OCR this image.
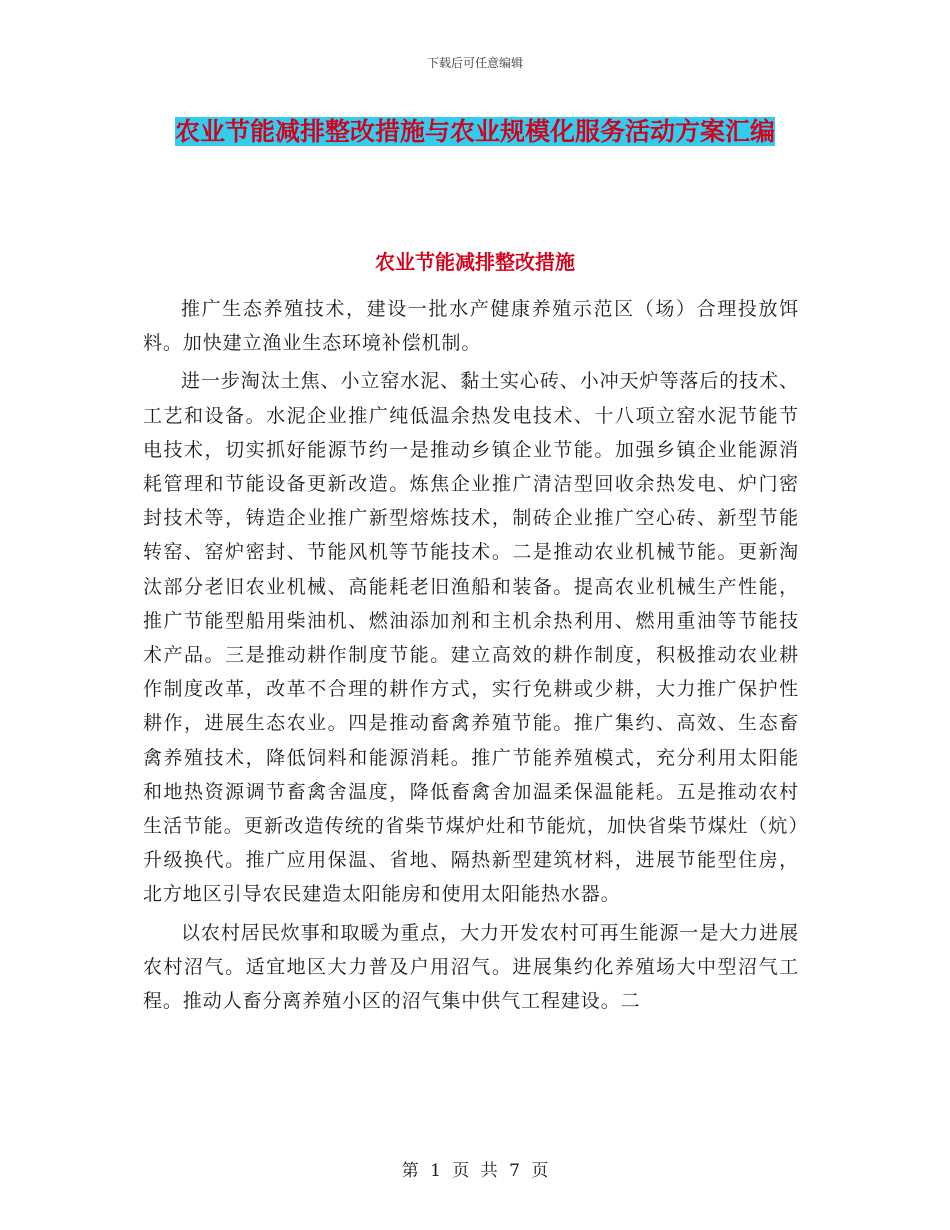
下载后可任意编辑
农业节能减排整改措施与农业规模化服务活动方案汇编
农业节能减排整改措施

推广生态养殖技术，建设一批水产健康养殖示范区（场）合理投放饵料。加快建立渔业生态环境补偿机制。

进一步淘汰土焦、小立窑水泥、黏土实心砖、小冲天炉等落后的技术、工艺和设备。水泥企业推广纯低温余热发电技术、十八项立窑水泥节能节电技术，切实抓好能源节约一是推动乡镇企业节能。加强乡镇企业能源消耗管理和节能设备更新改造。炼焦企业推广清洁型回收余热发电、炉门密封技术等，铸造企业推广新型熔炼技术，制砖企业推广空心砖、新型节能转窑、窑炉密封、节能风机等节能技术。二是推动农业机械节能。更新淘汰部分老旧农业机械、高能耗老旧渔船和装备。提高农业机械生产性能，推广节能型船用柴油机、燃油添加剂和主机余热利用、燃用重油等节能技术产品。三是推动耕作制度节能。建立高效的耕作制度，积极推动农业耕作制度改革，改革不合理的耕作方式，实行免耕或少耕，大力推广保护性耕作，进展生态农业。四是推动畜禽养殖节能。推广集约、高效、生态畜禽养殖技术，降低饲料和能源消耗。推广节能养殖模式，充分利用太阳能和地热资源调节畜禽舍温度，降低畜禽舍加温柔保温能耗。五是推动农村生活节能。更新改造传统的省柴节煤炉灶和节能炕，加快省柴节煤灶（炕）升级换代。推广应用保温、省地、隔热新型建筑材料，进展节能型住房，北方地区引导农民建造太阳能房和使用太阳能热水器。

以农村居民炊事和取暖为重点，大力开发农村可再生能源一是大力进展农村沼气。适宜地区大力普及户用沼气。进展集约化养殖场大中型沼气工程。推动人畜分离养殖小区的沼气集中供气工程建设。二

第 1 页 共 7 页
